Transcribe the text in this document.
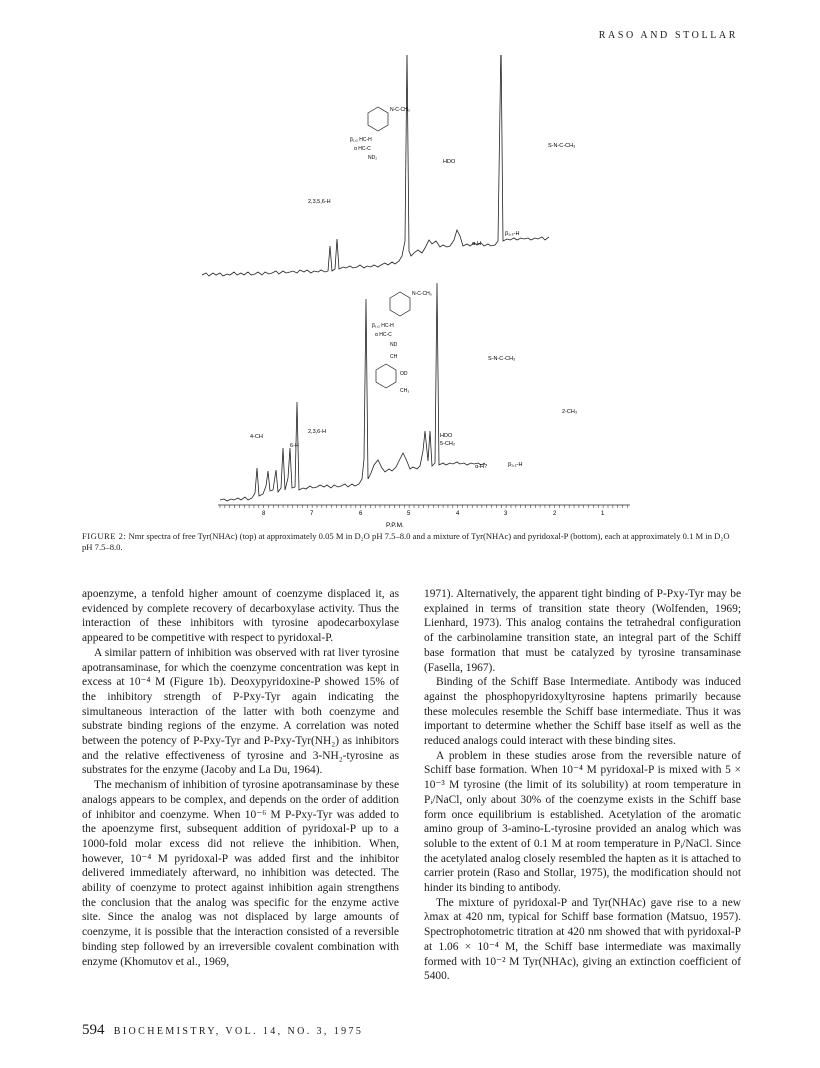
RASO AND STOLLAR
2,3,5,6-H
HDO
α-H
β₁,₂-H
S-N-C-CH₃
N-C-CH₃
β₁,₂ HC-H
α HC-C
ND₂
2,3,6-H
4-CH
6-H
HDO
5-CH₂
α-H?	β₁,₂-H
2-CH₃
S-N-C-CH₃
N-C-CH₃
β₁,₂ HC-H
α HC-C
ND
CH
OD
CH₃
8	7	6	5	4	3	2	1
P.P.M.
FIGURE 2: Nmr spectra of free Tyr(NHAc) (top) at approximately 0.05 M in D₂O pH 7.5–8.0 and a mixture of Tyr(NHAc) and pyridoxal-P (bottom), each at approximately 0.1 M in D₂O pH 7.5–8.0.

apoenzyme, a tenfold higher amount of coenzyme displaced it, as evidenced by complete recovery of decarboxylase activity. Thus the interaction of these inhibitors with tyrosine apodecarboxylase appeared to be competitive with respect to pyridoxal-P.

A similar pattern of inhibition was observed with rat liver tyrosine apotransaminase, for which the coenzyme concentration was kept in excess at 10⁻⁴ M (Figure 1b). Deoxypyridoxine-P showed 15% of the inhibitory strength of P-Pxy-Tyr again indicating the simultaneous interaction of the latter with both coenzyme and substrate binding regions of the enzyme. A correlation was noted between the potency of P-Pxy-Tyr and P-Pxy-Tyr(NH₂) as inhibitors and the relative effectiveness of tyrosine and 3-NH₂-tyrosine as substrates for the enzyme (Jacoby and La Du, 1964).

The mechanism of inhibition of tyrosine apotransaminase by these analogs appears to be complex, and depends on the order of addition of inhibitor and coenzyme. When 10⁻⁶ M P-Pxy-Tyr was added to the apoenzyme first, subsequent addition of pyridoxal-P up to a 1000-fold molar excess did not relieve the inhibition. When, however, 10⁻⁴ M pyridoxal-P was added first and the inhibitor delivered immediately afterward, no inhibition was detected. The ability of coenzyme to protect against inhibition again strengthens the conclusion that the analog was specific for the enzyme active site. Since the analog was not displaced by large amounts of coenzyme, it is possible that the interaction consisted of a reversible binding step followed by an irreversible covalent combination with enzyme (Khomutov et al., 1969,

1971). Alternatively, the apparent tight binding of P-Pxy-Tyr may be explained in terms of transition state theory (Wolfenden, 1969; Lienhard, 1973). This analog contains the tetrahedral configuration of the carbinolamine transition state, an integral part of the Schiff base formation that must be catalyzed by tyrosine transaminase (Fasella, 1967).

Binding of the Schiff Base Intermediate. Antibody was induced against the phosphopyridoxyltyrosine haptens primarily because these molecules resemble the Schiff base intermediate. Thus it was important to determine whether the Schiff base itself as well as the reduced analogs could interact with these binding sites.

A problem in these studies arose from the reversible nature of Schiff base formation. When 10⁻⁴ M pyridoxal-P is mixed with 5 × 10⁻³ M tyrosine (the limit of its solubility) at room temperature in Pᵢ/NaCl, only about 30% of the coenzyme exists in the Schiff base form once equilibrium is established. Acetylation of the aromatic amino group of 3-amino-L-tyrosine provided an analog which was soluble to the extent of 0.1 M at room temperature in Pᵢ/NaCl. Since the acetylated analog closely resembled the hapten as it is attached to carrier protein (Raso and Stollar, 1975), the modification should not hinder its binding to antibody.

The mixture of pyridoxal-P and Tyr(NHAc) gave rise to a new λmax at 420 nm, typical for Schiff base formation (Matsuo, 1957). Spectrophotometric titration at 420 nm showed that with pyridoxal-P at 1.06 × 10⁻⁴ M, the Schiff base intermediate was maximally formed with 10⁻² M Tyr(NHAc), giving an extinction coefficient of 5400.

594 BIOCHEMISTRY, VOL. 14, NO. 3, 1975
